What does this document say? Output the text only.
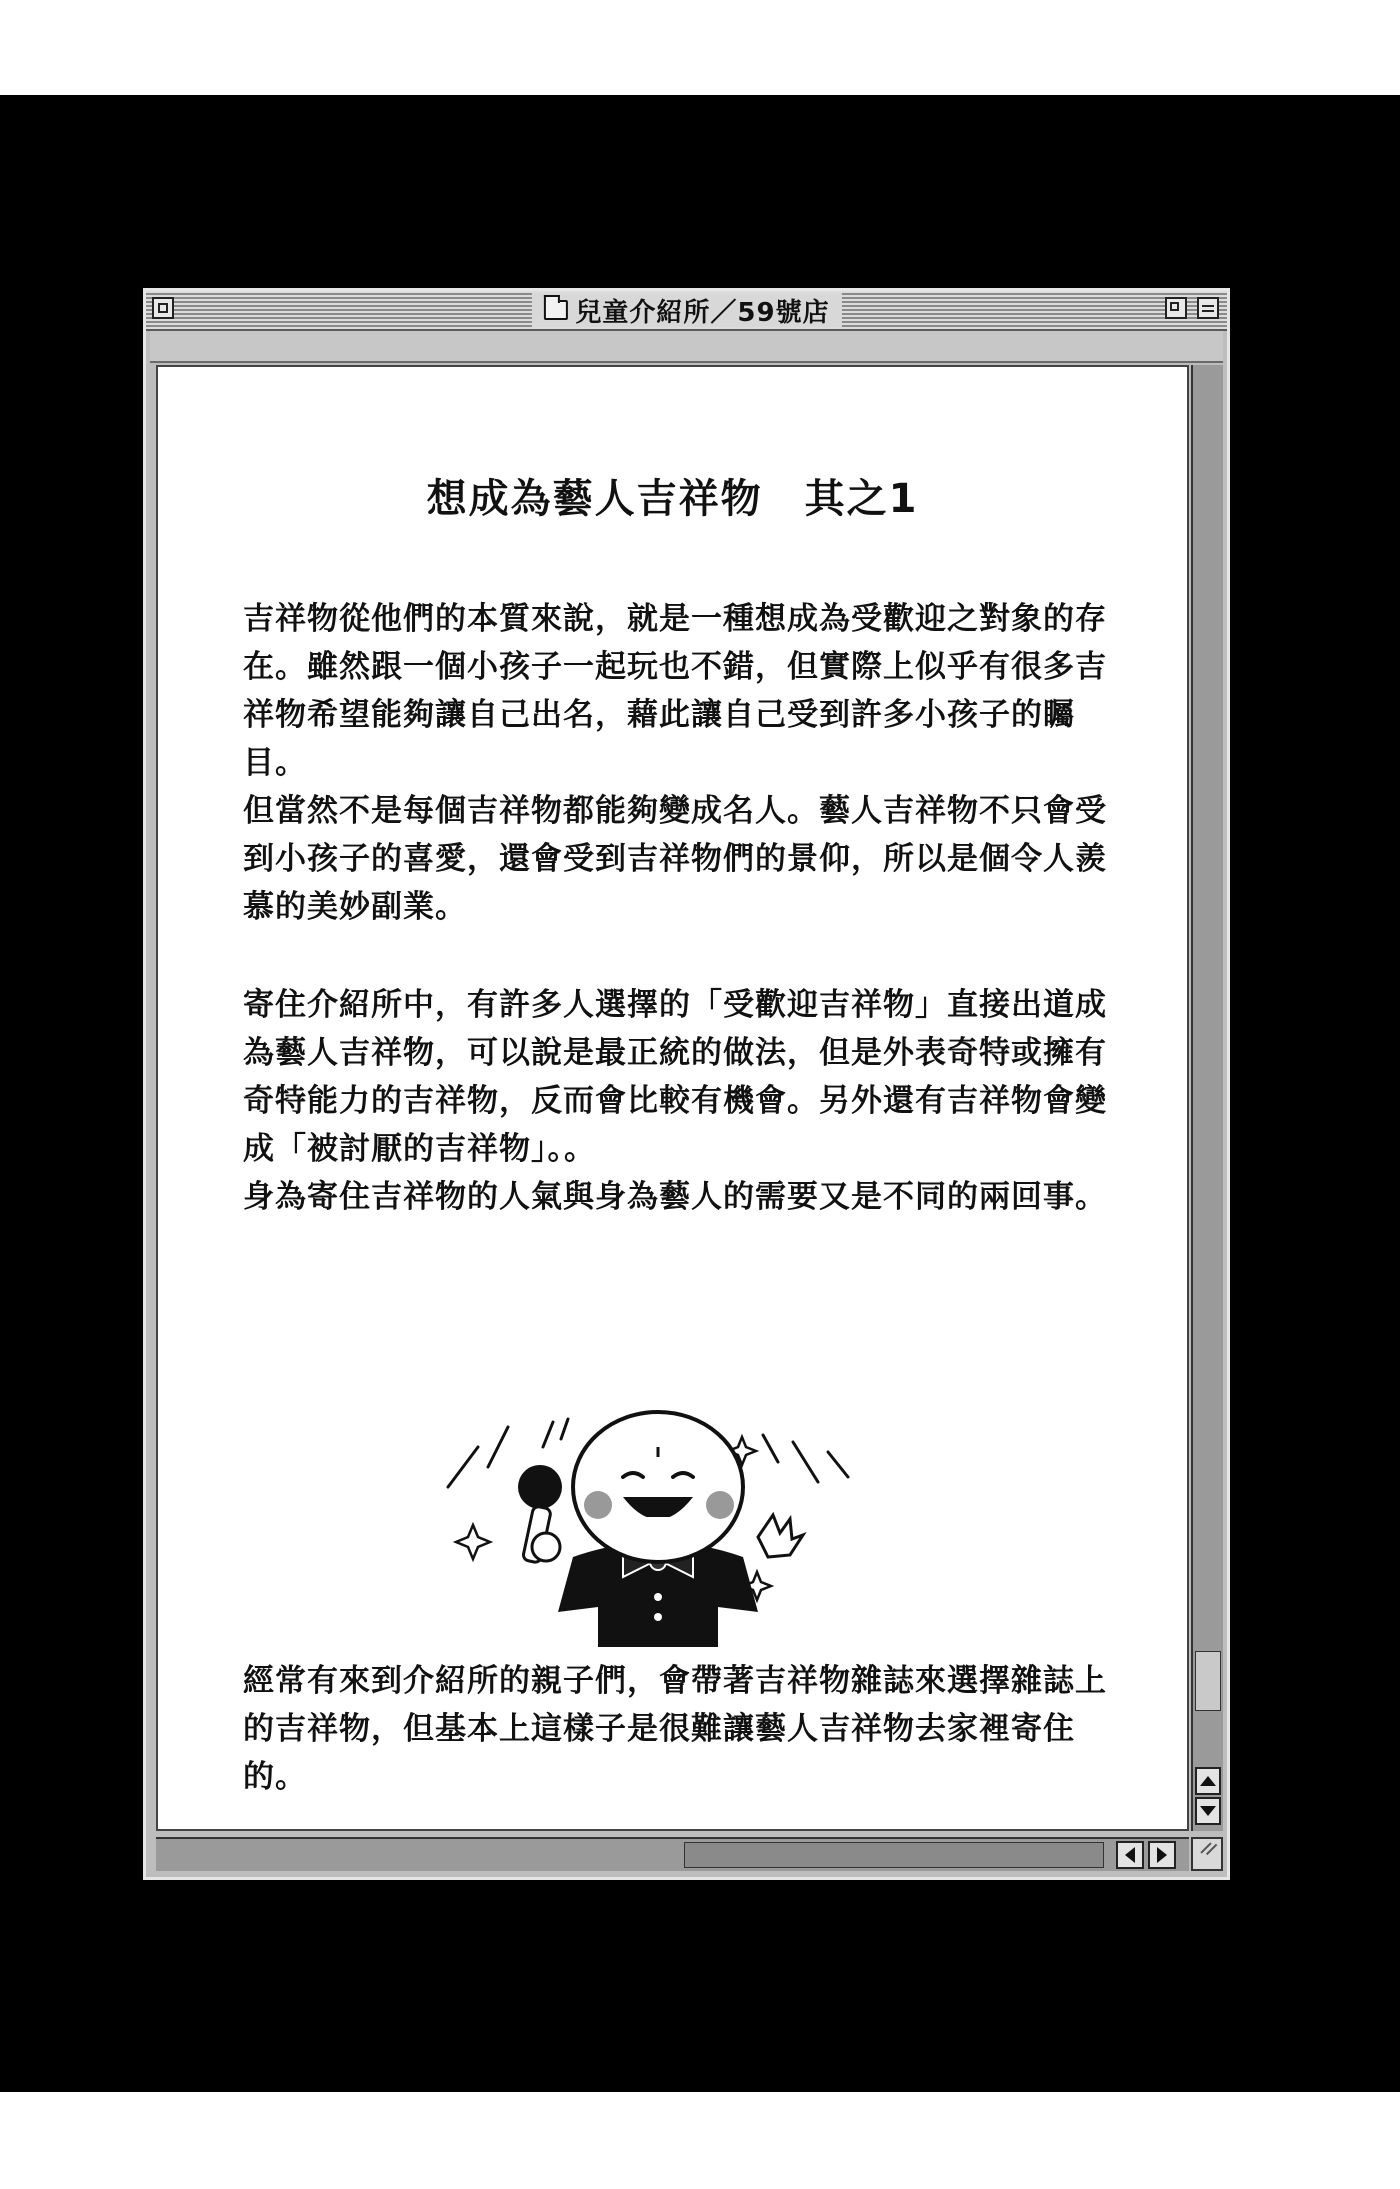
兒童介紹所／59號店
想成為藝人吉祥物　其之1

吉祥物從他們的本質來說，就是一種想成為受歡迎之對象的存在。雖然跟一個小孩子一起玩也不錯，但實際上似乎有很多吉祥物希望能夠讓自己出名，藉此讓自己受到許多小孩子的矚目。
但當然不是每個吉祥物都能夠變成名人。藝人吉祥物不只會受到小孩子的喜愛，還會受到吉祥物們的景仰，所以是個令人羨慕的美妙副業。

寄住介紹所中，有許多人選擇的「受歡迎吉祥物」直接出道成為藝人吉祥物，可以說是最正統的做法，但是外表奇特或擁有奇特能力的吉祥物，反而會比較有機會。另外還有吉祥物會變成「被討厭的吉祥物」。。
身為寄住吉祥物的人氣與身為藝人的需要又是不同的兩回事。

經常有來到介紹所的親子們，會帶著吉祥物雜誌來選擇雜誌上的吉祥物，但基本上這樣子是很難讓藝人吉祥物去家裡寄住的。
